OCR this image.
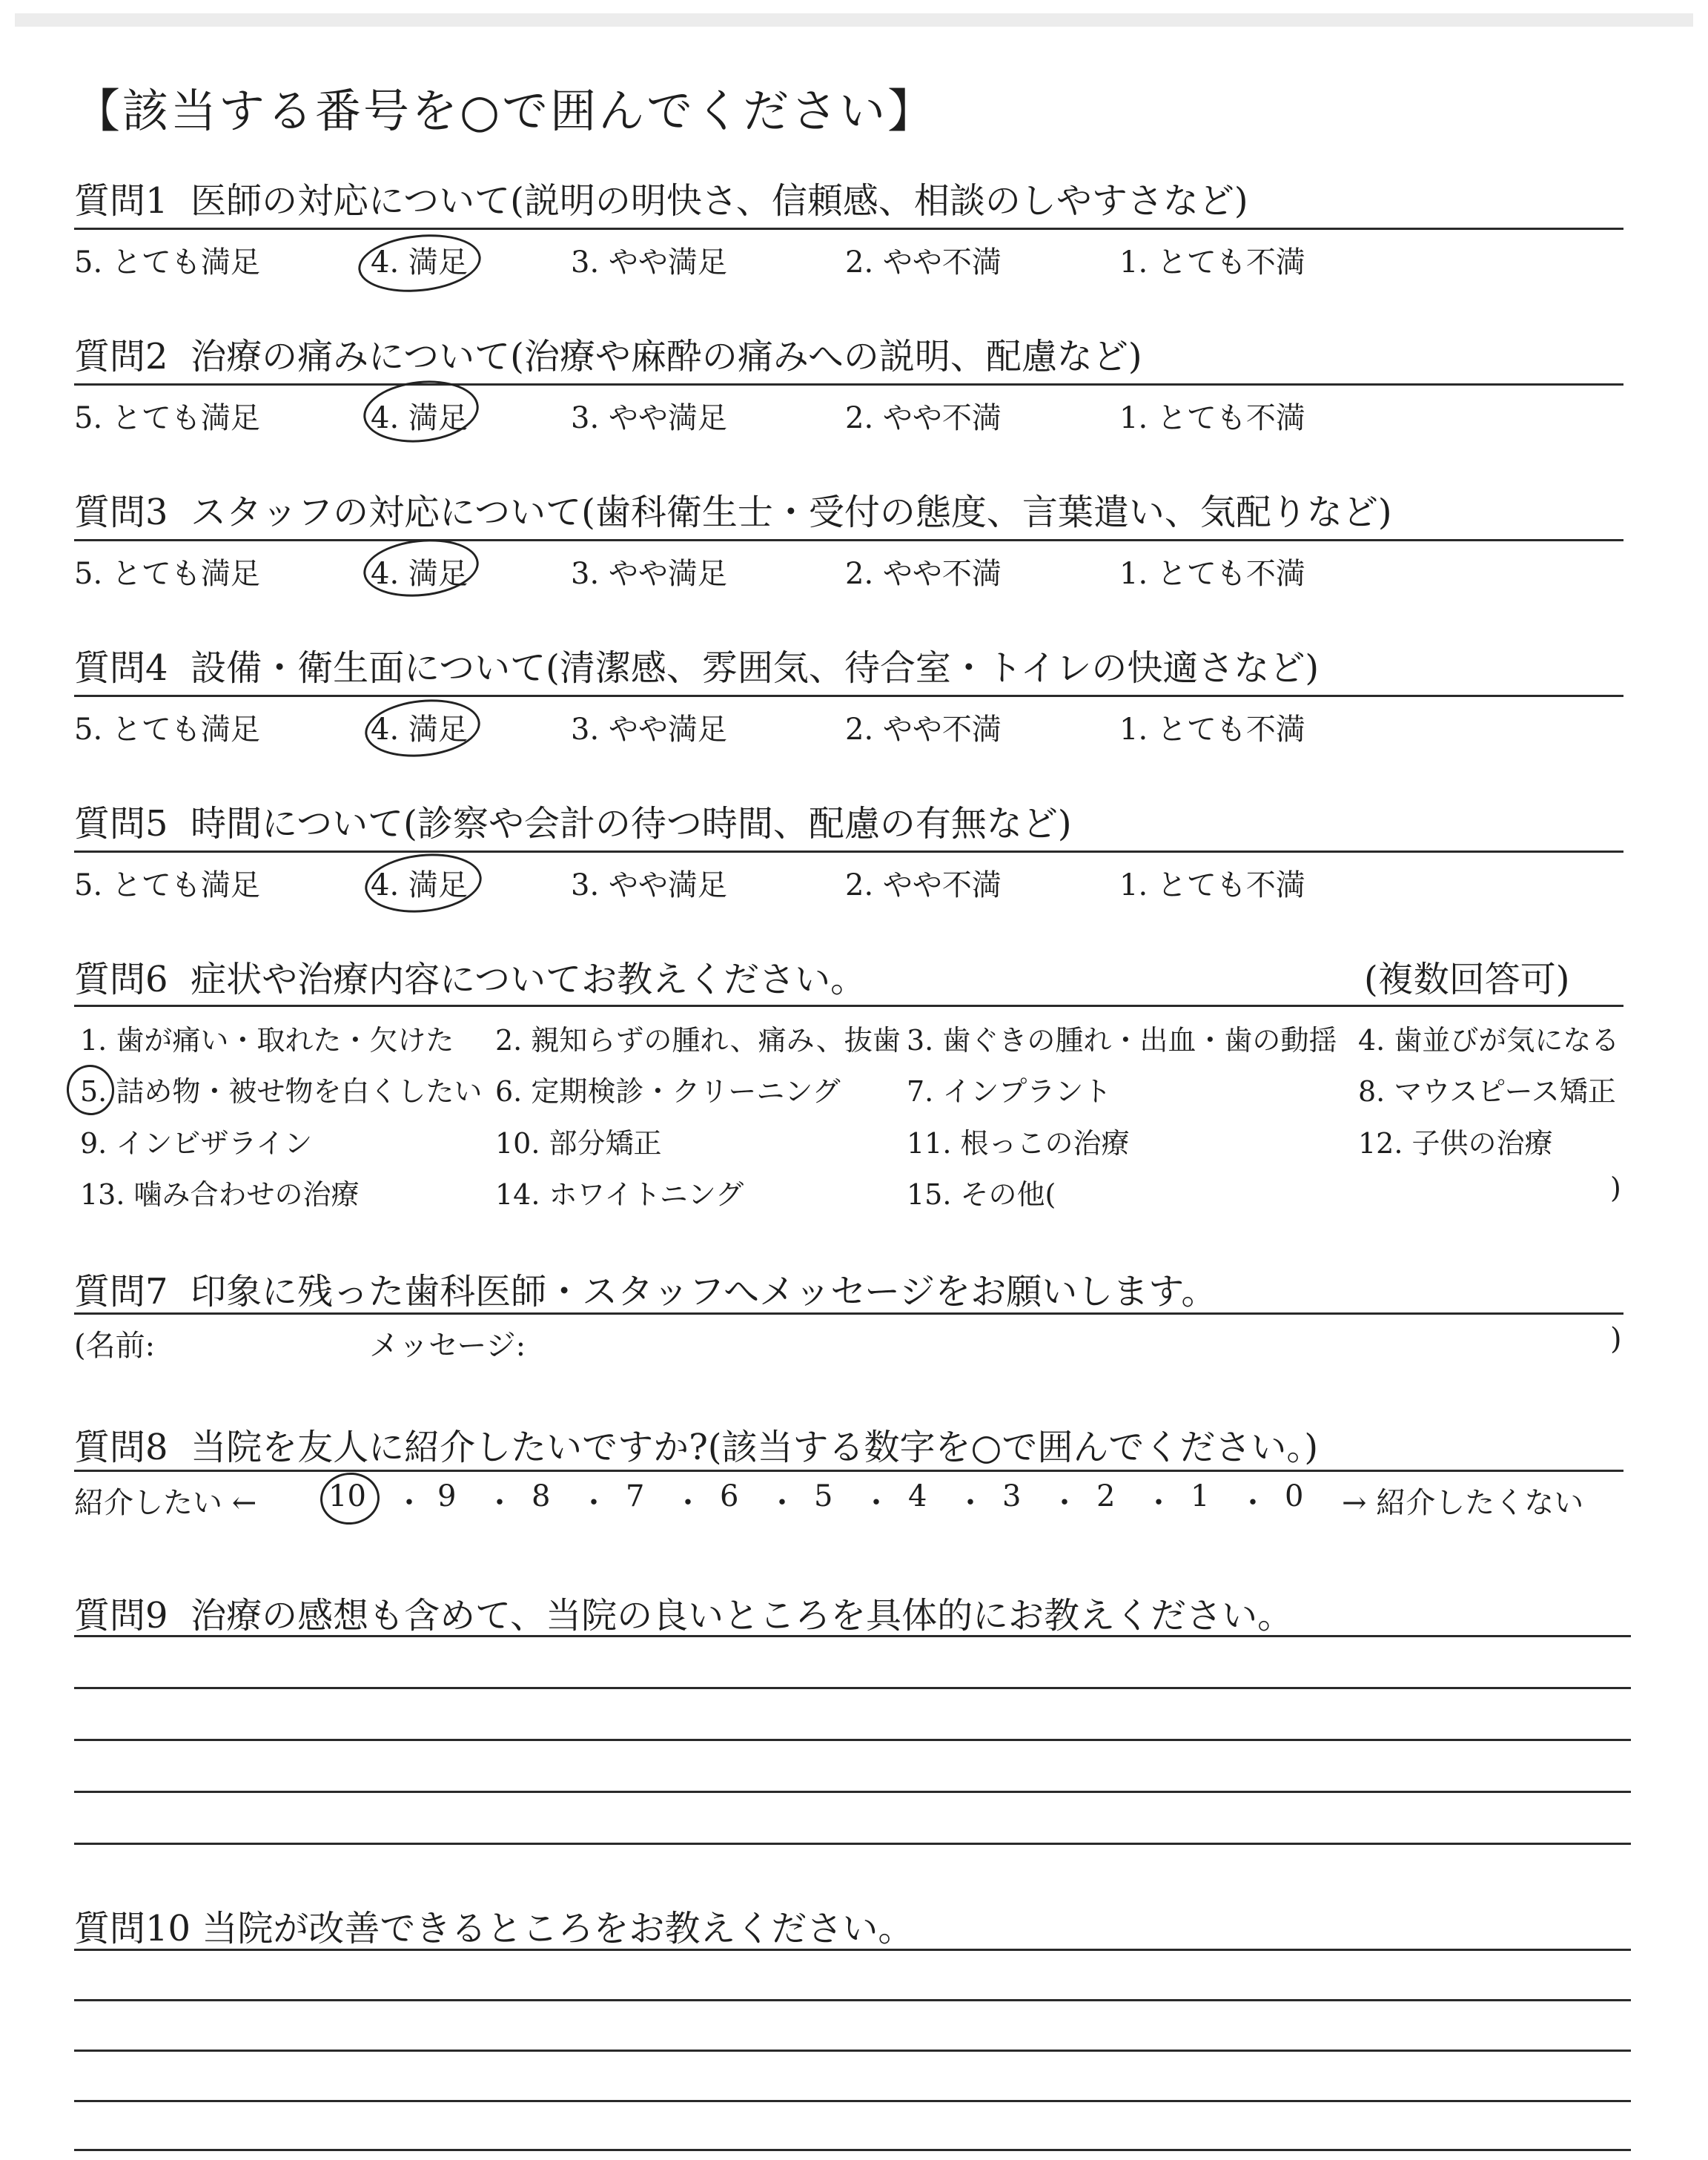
【該当する番号を○で囲んでください】
質問1 医師の対応について(説明の明快さ、信頼感、相談のしやすさなど)
5. とても満足	4. 満足	3. やや満足	2. やや不満	1. とても不満
質問2 治療の痛みについて(治療や麻酔の痛みへの説明、配慮など)
5. とても満足	4. 満足	3. やや満足	2. やや不満	1. とても不満
質問3 スタッフの対応について(歯科衛生士・受付の態度、言葉遣い、気配りなど)
5. とても満足	4. 満足	3. やや満足	2. やや不満	1. とても不満
質問4 設備・衛生面について(清潔感、雰囲気、待合室・トイレの快適さなど)
5. とても満足	4. 満足	3. やや満足	2. やや不満	1. とても不満
質問5 時間について(診察や会計の待つ時間、配慮の有無など)
5. とても満足	4. 満足	3. やや満足	2. やや不満	1. とても不満
質問6 症状や治療内容についてお教えください。	(複数回答可)
1. 歯が痛い・取れた・欠けた 2. 親知らずの腫れ、痛み、抜歯 3. 歯ぐきの腫れ・出血・歯の動揺 4. 歯並びが気になる
5. 詰め物・被せ物を白くしたい 6. 定期検診・クリーニング 7. インプラント	8. マウスピース矯正
9. インビザライン	10. 部分矯正	11. 根っこの治療	12. 子供の治療
13. 噛み合わせの治療	14. ホワイトニング	15. その他(	)
質問7 印象に残った歯科医師・スタッフへメッセージをお願いします。
(名前:	メッセージ:	)
質問8 当院を友人に紹介したいですか?(該当する数字を○で囲んでください。)
紹介したい ←	→ 紹介したくない
10 ・ 9 ・ 8 ・ 7 ・ 6 ・ 5 ・ 4 ・ 3 ・ 2 ・ 1 ・ 0
質問9 治療の感想も含めて、当院の良いところを具体的にお教えください。
質問10 当院が改善できるところをお教えください。
